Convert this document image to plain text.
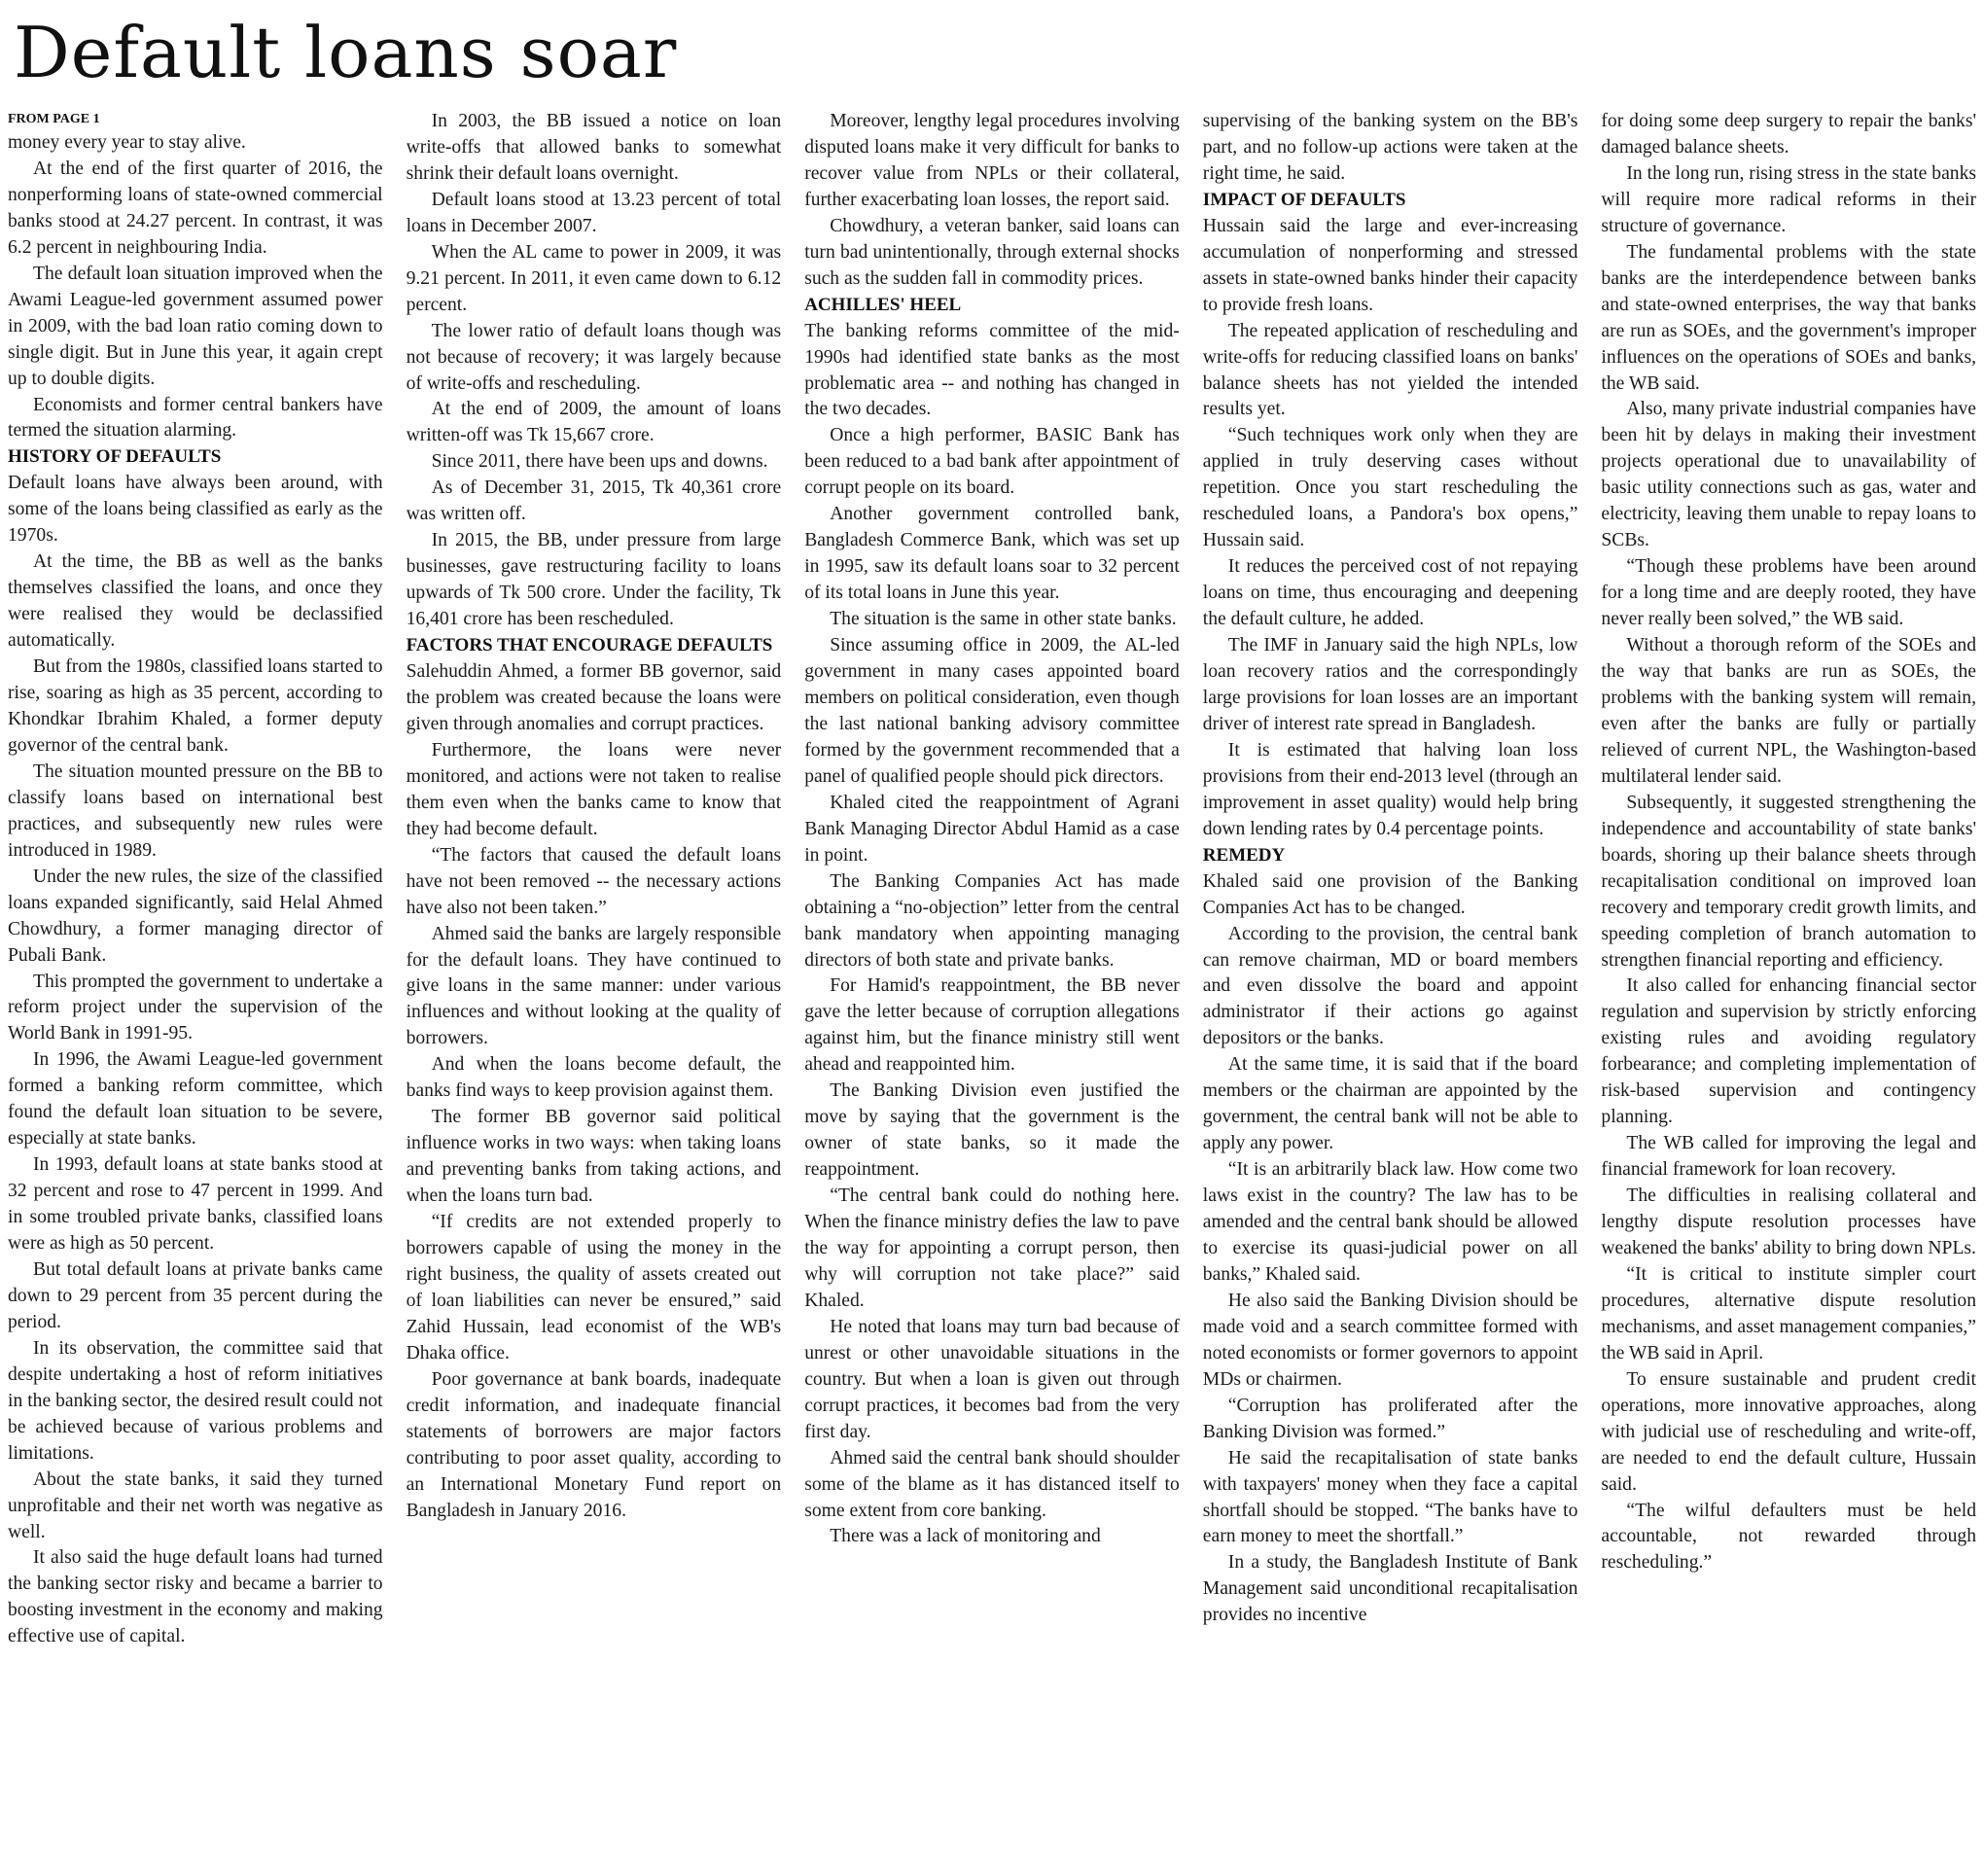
Default loans soar
FROM PAGE 1

money every year to stay alive.

At the end of the first quarter of 2016, the nonperforming loans of state-owned commercial banks stood at 24.27 percent. In contrast, it was 6.2 percent in neighbouring India.

The default loan situation improved when the Awami League-led government assumed power in 2009, with the bad loan ratio coming down to single digit. But in June this year, it again crept up to double digits.

Economists and former central bankers have termed the situation alarming.

HISTORY OF DEFAULTS

Default loans have always been around, with some of the loans being classified as early as the 1970s.

At the time, the BB as well as the banks themselves classified the loans, and once they were realised they would be declassified automatically.

But from the 1980s, classified loans started to rise, soaring as high as 35 percent, according to Khondkar Ibrahim Khaled, a former deputy governor of the central bank.

The situation mounted pressure on the BB to classify loans based on international best practices, and subsequently new rules were introduced in 1989.

Under the new rules, the size of the classified loans expanded significantly, said Helal Ahmed Chowdhury, a former managing director of Pubali Bank.

This prompted the government to undertake a reform project under the supervision of the World Bank in 1991-95.

In 1996, the Awami League-led government formed a banking reform committee, which found the default loan situation to be severe, especially at state banks.

In 1993, default loans at state banks stood at 32 percent and rose to 47 percent in 1999. And in some troubled private banks, classified loans were as high as 50 percent.

But total default loans at private banks came down to 29 percent from 35 percent during the period.

In its observation, the committee said that despite undertaking a host of reform initiatives in the banking sector, the desired result could not be achieved because of various problems and limitations.

About the state banks, it said they turned unprofitable and their net worth was negative as well.

It also said the huge default loans had turned the banking sector risky and became a barrier to boosting investment in the economy and making effective use of capital.

In 2003, the BB issued a notice on loan write-offs that allowed banks to somewhat shrink their default loans overnight.

Default loans stood at 13.23 percent of total loans in December 2007.

When the AL came to power in 2009, it was 9.21 percent. In 2011, it even came down to 6.12 percent.

The lower ratio of default loans though was not because of recovery; it was largely because of write-offs and rescheduling.

At the end of 2009, the amount of loans written-off was Tk 15,667 crore.

Since 2011, there have been ups and downs.

As of December 31, 2015, Tk 40,361 crore was written off.

In 2015, the BB, under pressure from large businesses, gave restructuring facility to loans upwards of Tk 500 crore. Under the facility, Tk 16,401 crore has been rescheduled.

FACTORS THAT ENCOURAGE DEFAULTS

Salehuddin Ahmed, a former BB governor, said the problem was created because the loans were given through anomalies and corrupt practices.

Furthermore, the loans were never monitored, and actions were not taken to realise them even when the banks came to know that they had become default.

“The factors that caused the default loans have not been removed -- the necessary actions have also not been taken.”

Ahmed said the banks are largely responsible for the default loans. They have continued to give loans in the same manner: under various influences and without looking at the quality of borrowers.

And when the loans become default, the banks find ways to keep provision against them.

The former BB governor said political influence works in two ways: when taking loans and preventing banks from taking actions, and when the loans turn bad.

“If credits are not extended properly to borrowers capable of using the money in the right business, the quality of assets created out of loan liabilities can never be ensured,” said Zahid Hussain, lead economist of the WB's Dhaka office.

Poor governance at bank boards, inadequate credit information, and inadequate financial statements of borrowers are major factors contributing to poor asset quality, according to an International Monetary Fund report on Bangladesh in January 2016.

Moreover, lengthy legal procedures involving disputed loans make it very difficult for banks to recover value from NPLs or their collateral, further exacerbating loan losses, the report said.

Chowdhury, a veteran banker, said loans can turn bad unintentionally, through external shocks such as the sudden fall in commodity prices.

ACHILLES' HEEL

The banking reforms committee of the mid-1990s had identified state banks as the most problematic area -- and nothing has changed in the two decades.

Once a high performer, BASIC Bank has been reduced to a bad bank after appointment of corrupt people on its board.

Another government controlled bank, Bangladesh Commerce Bank, which was set up in 1995, saw its default loans soar to 32 percent of its total loans in June this year.

The situation is the same in other state banks.

Since assuming office in 2009, the AL-led government in many cases appointed board members on political consideration, even though the last national banking advisory committee formed by the government recommended that a panel of qualified people should pick directors.

Khaled cited the reappointment of Agrani Bank Managing Director Abdul Hamid as a case in point.

The Banking Companies Act has made obtaining a “no-objection” letter from the central bank mandatory when appointing managing directors of both state and private banks.

For Hamid's reappointment, the BB never gave the letter because of corruption allegations against him, but the finance ministry still went ahead and reappointed him.

The Banking Division even justified the move by saying that the government is the owner of state banks, so it made the reappointment.

“The central bank could do nothing here. When the finance ministry defies the law to pave the way for appointing a corrupt person, then why will corruption not take place?” said Khaled.

He noted that loans may turn bad because of unrest or other unavoidable situations in the country. But when a loan is given out through corrupt practices, it becomes bad from the very first day.

Ahmed said the central bank should shoulder some of the blame as it has distanced itself to some extent from core banking.

There was a lack of monitoring and

supervising of the banking system on the BB's part, and no follow-up actions were taken at the right time, he said.

IMPACT OF DEFAULTS

Hussain said the large and ever-increasing accumulation of nonperforming and stressed assets in state-owned banks hinder their capacity to provide fresh loans.

The repeated application of rescheduling and write-offs for reducing classified loans on banks' balance sheets has not yielded the intended results yet.

“Such techniques work only when they are applied in truly deserving cases without repetition. Once you start rescheduling the rescheduled loans, a Pandora's box opens,” Hussain said.

It reduces the perceived cost of not repaying loans on time, thus encouraging and deepening the default culture, he added.

The IMF in January said the high NPLs, low loan recovery ratios and the correspondingly large provisions for loan losses are an important driver of interest rate spread in Bangladesh.

It is estimated that halving loan loss provisions from their end-2013 level (through an improvement in asset quality) would help bring down lending rates by 0.4 percentage points.

REMEDY

Khaled said one provision of the Banking Companies Act has to be changed.

According to the provision, the central bank can remove chairman, MD or board members and even dissolve the board and appoint administrator if their actions go against depositors or the banks.

At the same time, it is said that if the board members or the chairman are appointed by the government, the central bank will not be able to apply any power.

“It is an arbitrarily black law. How come two laws exist in the country? The law has to be amended and the central bank should be allowed to exercise its quasi-judicial power on all banks,” Khaled said.

He also said the Banking Division should be made void and a search committee formed with noted economists or former governors to appoint MDs or chairmen.

“Corruption has proliferated after the Banking Division was formed.”

He said the recapitalisation of state banks with taxpayers' money when they face a capital shortfall should be stopped. “The banks have to earn money to meet the shortfall.”

In a study, the Bangladesh Institute of Bank Management said unconditional recapitalisation provides no incentive

for doing some deep surgery to repair the banks' damaged balance sheets.

In the long run, rising stress in the state banks will require more radical reforms in their structure of governance.

The fundamental problems with the state banks are the interdependence between banks and state-owned enterprises, the way that banks are run as SOEs, and the government's improper influences on the operations of SOEs and banks, the WB said.

Also, many private industrial companies have been hit by delays in making their investment projects operational due to unavailability of basic utility connections such as gas, water and electricity, leaving them unable to repay loans to SCBs.

“Though these problems have been around for a long time and are deeply rooted, they have never really been solved,” the WB said.

Without a thorough reform of the SOEs and the way that banks are run as SOEs, the problems with the banking system will remain, even after the banks are fully or partially relieved of current NPL, the Washington-based multilateral lender said.

Subsequently, it suggested strengthening the independence and accountability of state banks' boards, shoring up their balance sheets through recapitalisation conditional on improved loan recovery and temporary credit growth limits, and speeding completion of branch automation to strengthen financial reporting and efficiency.

It also called for enhancing financial sector regulation and supervision by strictly enforcing existing rules and avoiding regulatory forbearance; and completing implementation of risk-based supervision and contingency planning.

The WB called for improving the legal and financial framework for loan recovery.

The difficulties in realising collateral and lengthy dispute resolution processes have weakened the banks' ability to bring down NPLs.

“It is critical to institute simpler court procedures, alternative dispute resolution mechanisms, and asset management companies,” the WB said in April.

To ensure sustainable and prudent credit operations, more innovative approaches, along with judicial use of rescheduling and write-off, are needed to end the default culture, Hussain said.

“The wilful defaulters must be held accountable, not rewarded through rescheduling.”
